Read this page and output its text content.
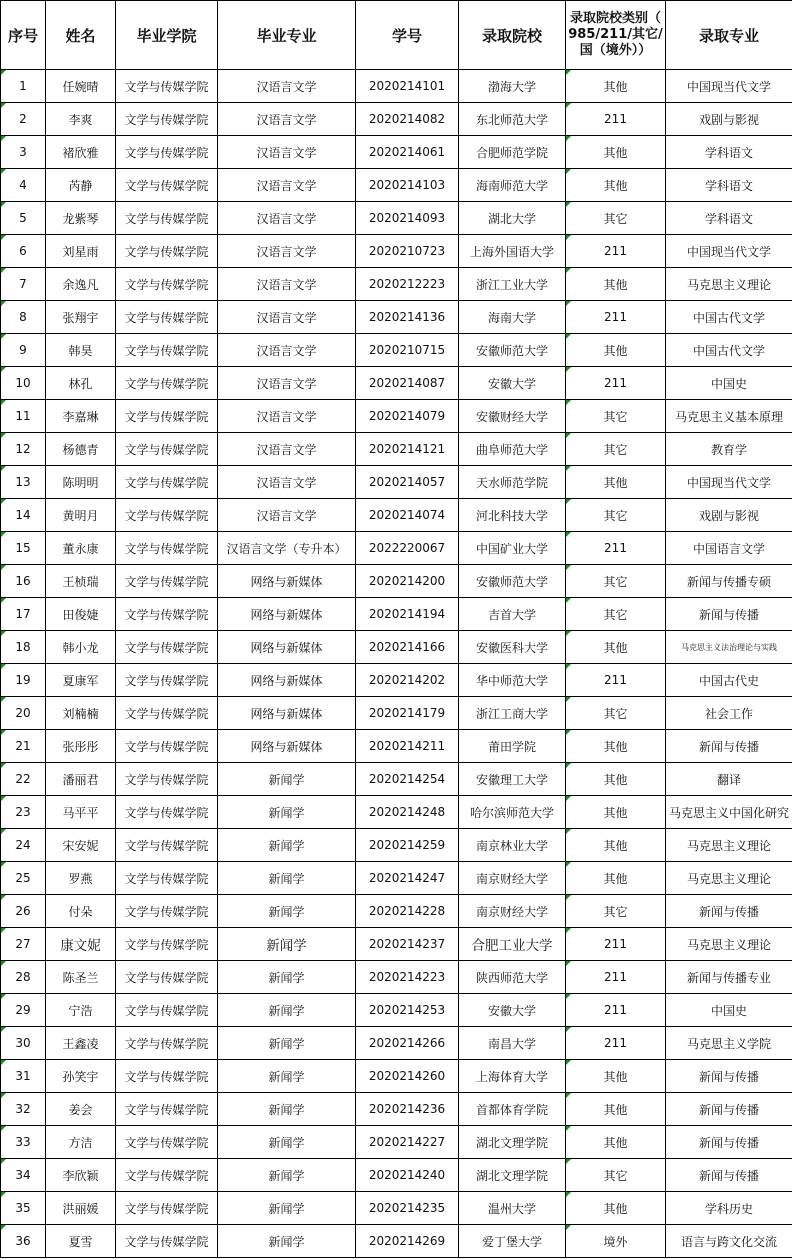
序号	姓名	毕业学院	毕业专业	学号	录取院校	录取院校类别（ 985/211/其它/国（境外））	录取专业
1	任婉晴	文学与传媒学院	汉语言文学	2020214101	渤海大学	其他	中国现当代文学
2	李爽	文学与传媒学院	汉语言文学	2020214082	东北师范大学	211	戏剧与影视
3	褚欣雅	文学与传媒学院	汉语言文学	2020214061	合肥师范学院	其他	学科语文
4	芮静	文学与传媒学院	汉语言文学	2020214103	海南师范大学	其他	学科语文
5	龙紫琴	文学与传媒学院	汉语言文学	2020214093	湖北大学	其它	学科语文
6	刘星雨	文学与传媒学院	汉语言文学	2020210723	上海外国语大学	211	中国现当代文学
7	余逸凡	文学与传媒学院	汉语言文学	2020212223	浙江工业大学	其他	马克思主义理论
8	张翔宇	文学与传媒学院	汉语言文学	2020214136	海南大学	211	中国古代文学
9	韩昊	文学与传媒学院	汉语言文学	2020210715	安徽师范大学	其他	中国古代文学
10	林孔	文学与传媒学院	汉语言文学	2020214087	安徽大学	211	中国史
11	李嘉琳	文学与传媒学院	汉语言文学	2020214079	安徽财经大学	其它	马克思主义基本原理
12	杨德青	文学与传媒学院	汉语言文学	2020214121	曲阜师范大学	其它	教育学
13	陈明明	文学与传媒学院	汉语言文学	2020214057	天水师范学院	其他	中国现当代文学
14	黄明月	文学与传媒学院	汉语言文学	2020214074	河北科技大学	其它	戏剧与影视
15	董永康	文学与传媒学院	汉语言文学（专升本）	2022220067	中国矿业大学	211	中国语言文学
16	王桢瑞	文学与传媒学院	网络与新媒体	2020214200	安徽师范大学	其它	新闻与传播专硕
17	田俊婕	文学与传媒学院	网络与新媒体	2020214194	吉首大学	其它	新闻与传播
18	韩小龙	文学与传媒学院	网络与新媒体	2020214166	安徽医科大学	其他	马克思主义法治理论与实践
19	夏康军	文学与传媒学院	网络与新媒体	2020214202	华中师范大学	211	中国古代史
20	刘楠楠	文学与传媒学院	网络与新媒体	2020214179	浙江工商大学	其它	社会工作
21	张彤彤	文学与传媒学院	网络与新媒体	2020214211	莆田学院	其他	新闻与传播
22	潘丽君	文学与传媒学院	新闻学	2020214254	安徽理工大学	其他	翻译
23	马平平	文学与传媒学院	新闻学	2020214248	哈尔滨师范大学	其他	马克思主义中国化研究
24	宋安妮	文学与传媒学院	新闻学	2020214259	南京林业大学	其他	马克思主义理论
25	罗燕	文学与传媒学院	新闻学	2020214247	南京财经大学	其他	马克思主义理论
26	付朵	文学与传媒学院	新闻学	2020214228	南京财经大学	其它	新闻与传播
27	康文妮	文学与传媒学院	新闻学	2020214237	合肥工业大学	211	马克思主义理论
28	陈圣兰	文学与传媒学院	新闻学	2020214223	陕西师范大学	211	新闻与传播专业
29	宁浩	文学与传媒学院	新闻学	2020214253	安徽大学	211	中国史
30	王鑫凌	文学与传媒学院	新闻学	2020214266	南昌大学	211	马克思主义学院
31	孙笑宇	文学与传媒学院	新闻学	2020214260	上海体育大学	其他	新闻与传播
32	姜会	文学与传媒学院	新闻学	2020214236	首都体育学院	其他	新闻与传播
33	方洁	文学与传媒学院	新闻学	2020214227	湖北文理学院	其他	新闻与传播
34	李欣颖	文学与传媒学院	新闻学	2020214240	湖北文理学院	其它	新闻与传播
35	洪丽媛	文学与传媒学院	新闻学	2020214235	温州大学	其他	学科历史
36	夏雪	文学与传媒学院	新闻学	2020214269	爱丁堡大学	境外	语言与跨文化交流
